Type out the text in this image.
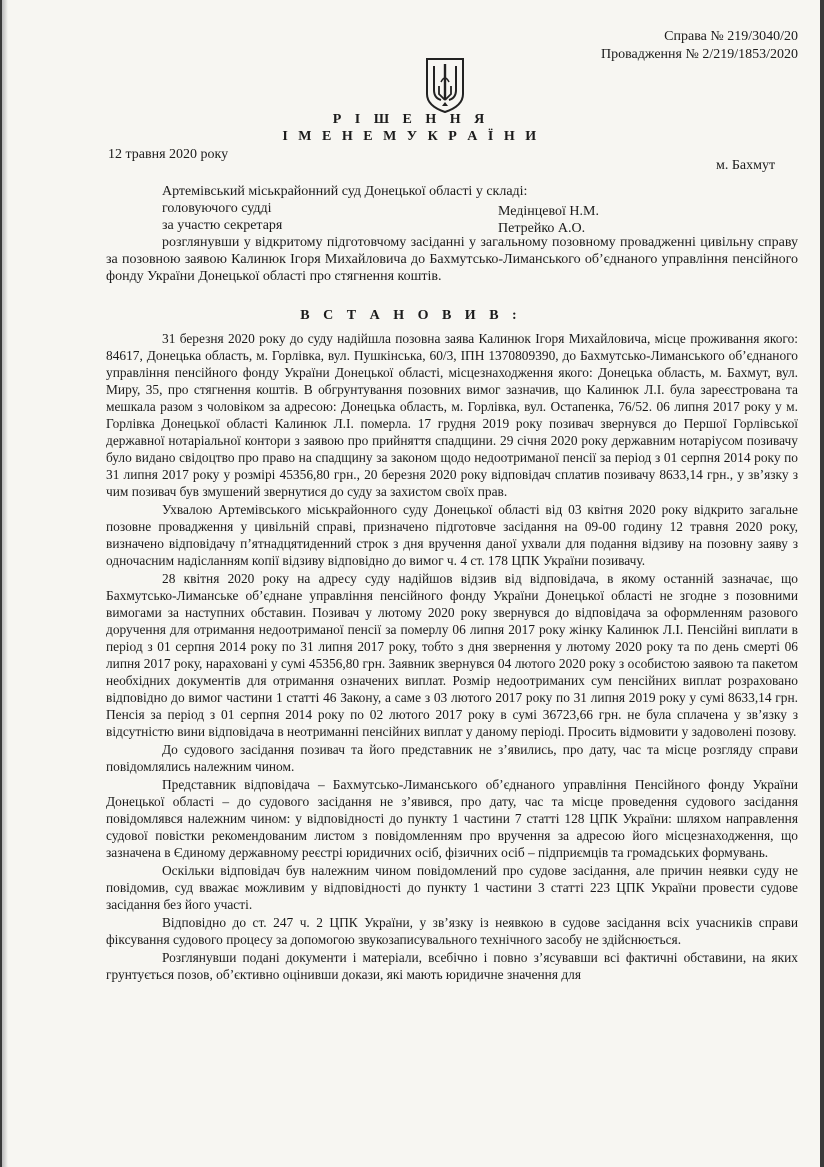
Справа № 219/3040/20
Провадження № 2/219/1853/2020
Р І Ш Е Н Н Я
І М Е Н Е М У К Р А Ї Н И
12 травня 2020 року
м. Бахмут
Артемівський міськрайонний суд Донецької області у складі:
головуючого судді	Медінцевої Н.М.
за участю секретаря	Петрейко А.О.
розглянувши у відкритому підготовчому засіданні у загальному позовному провадженні цивільну справу за позовною заявою Калинюк Ігоря Михайловича до Бахмутсько-Лиманського об’єднаного управління пенсійного фонду України Донецької області про стягнення коштів.
В С Т А Н О В И В :

31 березня 2020 року до суду надійшла позовна заява Калинюк Ігоря Михайловича, місце проживання якого: 84617, Донецька область, м. Горлівка, вул. Пушкінська, 60/3, ІПН 1370809390, до Бахмутсько-Лиманського об’єднаного управління пенсійного фонду України Донецької області, місцезнаходження якого: Донецька область, м. Бахмут, вул. Миру, 35, про стягнення коштів. В обгрунтування позовних вимог зазначив, що Калинюк Л.І. була зареєстрована та мешкала разом з чоловіком за адресою: Донецька область, м. Горлівка, вул. Остапенка, 76/52. 06 липня 2017 року у м. Горлівка Донецької області Калинюк Л.І. померла. 17 грудня 2019 року позивач звернувся до Першої Горлівської державної нотаріальної контори з заявою про прийняття спадщини. 29 січня 2020 року державним нотаріусом позивачу було видано свідоцтво про право на спадщину за законом щодо недоотриманої пенсії за період з 01 серпня 2014 року по 31 липня 2017 року у розмірі 45356,80 грн., 20 березня 2020 року відповідач сплатив позивачу 8633,14 грн., у зв’язку з чим позивач був змушений звернутися до суду за захистом своїх прав.

Ухвалою Артемівського міськрайонного суду Донецької області від 03 квітня 2020 року відкрито загальне позовне провадження у цивільній справі, призначено підготовче засідання на 09-00 годину 12 травня 2020 року, визначено відповідачу п’ятнадцятиденний строк з дня вручення даної ухвали для подання відзиву на позовну заяву з одночасним надісланням копії відзиву відповідно до вимог ч. 4 ст. 178 ЦПК України позивачу.

28 квітня 2020 року на адресу суду надійшов відзив від відповідача, в якому останній зазначає, що Бахмутсько-Лиманське об’єднане управління пенсійного фонду України Донецької області не згодне з позовними вимогами за наступних обставин. Позивач у лютому 2020 року звернувся до відповідача за оформленням разового доручення для отримання недоотриманої пенсії за померлу 06 липня 2017 року жінку Калинюк Л.І. Пенсійні виплати в період з 01 серпня 2014 року по 31 липня 2017 року, тобто з дня звернення у лютому 2020 року та по день смерті 06 липня 2017 року, нараховані у сумі 45356,80 грн. Заявник звернувся 04 лютого 2020 року з особистою заявою та пакетом необхідних документів для отримання означених виплат. Розмір недоотриманих сум пенсійних виплат розраховано відповідно до вимог частини 1 статті 46 Закону, а саме з 03 лютого 2017 року по 31 липня 2019 року у сумі 8633,14 грн. Пенсія за період з 01 серпня 2014 року по 02 лютого 2017 року в сумі 36723,66 грн. не була сплачена у зв’язку з відсутністю вини відповідача в неотриманні пенсійних виплат у даному періоді. Просить відмовити у задоволені позову.

До судового засідання позивач та його представник не з’явились, про дату, час та місце розгляду справи повідомлялись належним чином.

Представник відповідача – Бахмутсько-Лиманського об’єднаного управління Пенсійного фонду України Донецької області – до судового засідання не з’явився, про дату, час та місце проведення судового засідання повідомлявся належним чином: у відповідності до пункту 1 частини 7 статті 128 ЦПК України: шляхом направлення судової повістки рекомендованим листом з повідомленням про вручення за адресою його місцезнаходження, що зазначена в Єдиному державному реєстрі юридичних осіб, фізичних осіб – підприємців та громадських формувань.

Оскільки відповідач був належним чином повідомлений про судове засідання, але причин неявки суду не повідомив, суд вважає можливим у відповідності до пункту 1 частини 3 статті 223 ЦПК України провести судове засідання без його участі.

Відповідно до ст. 247 ч. 2 ЦПК України, у зв’язку із неявкою в судове засідання всіх учасників справи фіксування судового процесу за допомогою звукозаписувального технічного засобу не здійснюється.

Розглянувши подані документи і матеріали, всебічно і повно з’ясувавши всі фактичні обставини, на яких грунтується позов, об’єктивно оцінивши докази, які мають юридичне значення для
